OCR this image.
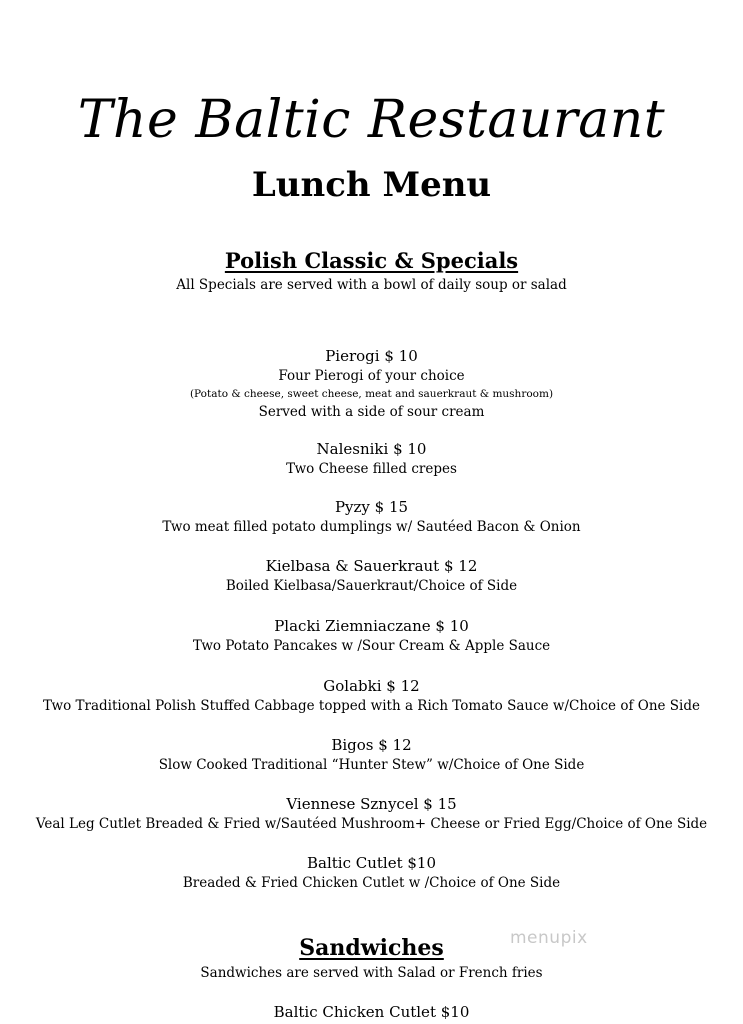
The Baltic Restaurant
Lunch Menu
Polish Classic & Specials
All Specials are served with a bowl of daily soup or salad
Pierogi $ 10
Four Pierogi of your choice
(Potato & cheese, sweet cheese, meat and sauerkraut & mushroom)
Served with a side of sour cream
Nalesniki $ 10
Two Cheese filled crepes
Pyzy $ 15
Two meat filled potato dumplings w/ Sautéed Bacon & Onion
Kielbasa & Sauerkraut $ 12
Boiled Kielbasa/Sauerkraut/Choice of Side
Placki Ziemniaczane $ 10
Two Potato Pancakes w /Sour Cream & Apple Sauce
Golabki $ 12
Two Traditional Polish Stuffed Cabbage topped with a Rich Tomato Sauce w/Choice of One Side
Bigos $ 12
Slow Cooked Traditional “Hunter Stew” w/Choice of One Side
Viennese Sznycel $ 15
Veal Leg Cutlet Breaded & Fried w/Sautéed Mushroom+ Cheese or Fried Egg/Choice of One Side
Baltic Cutlet $10
Breaded & Fried Chicken Cutlet w /Choice of One Side
Sandwiches
Sandwiches are served with Salad or French fries
Baltic Chicken Cutlet $10
menupix
